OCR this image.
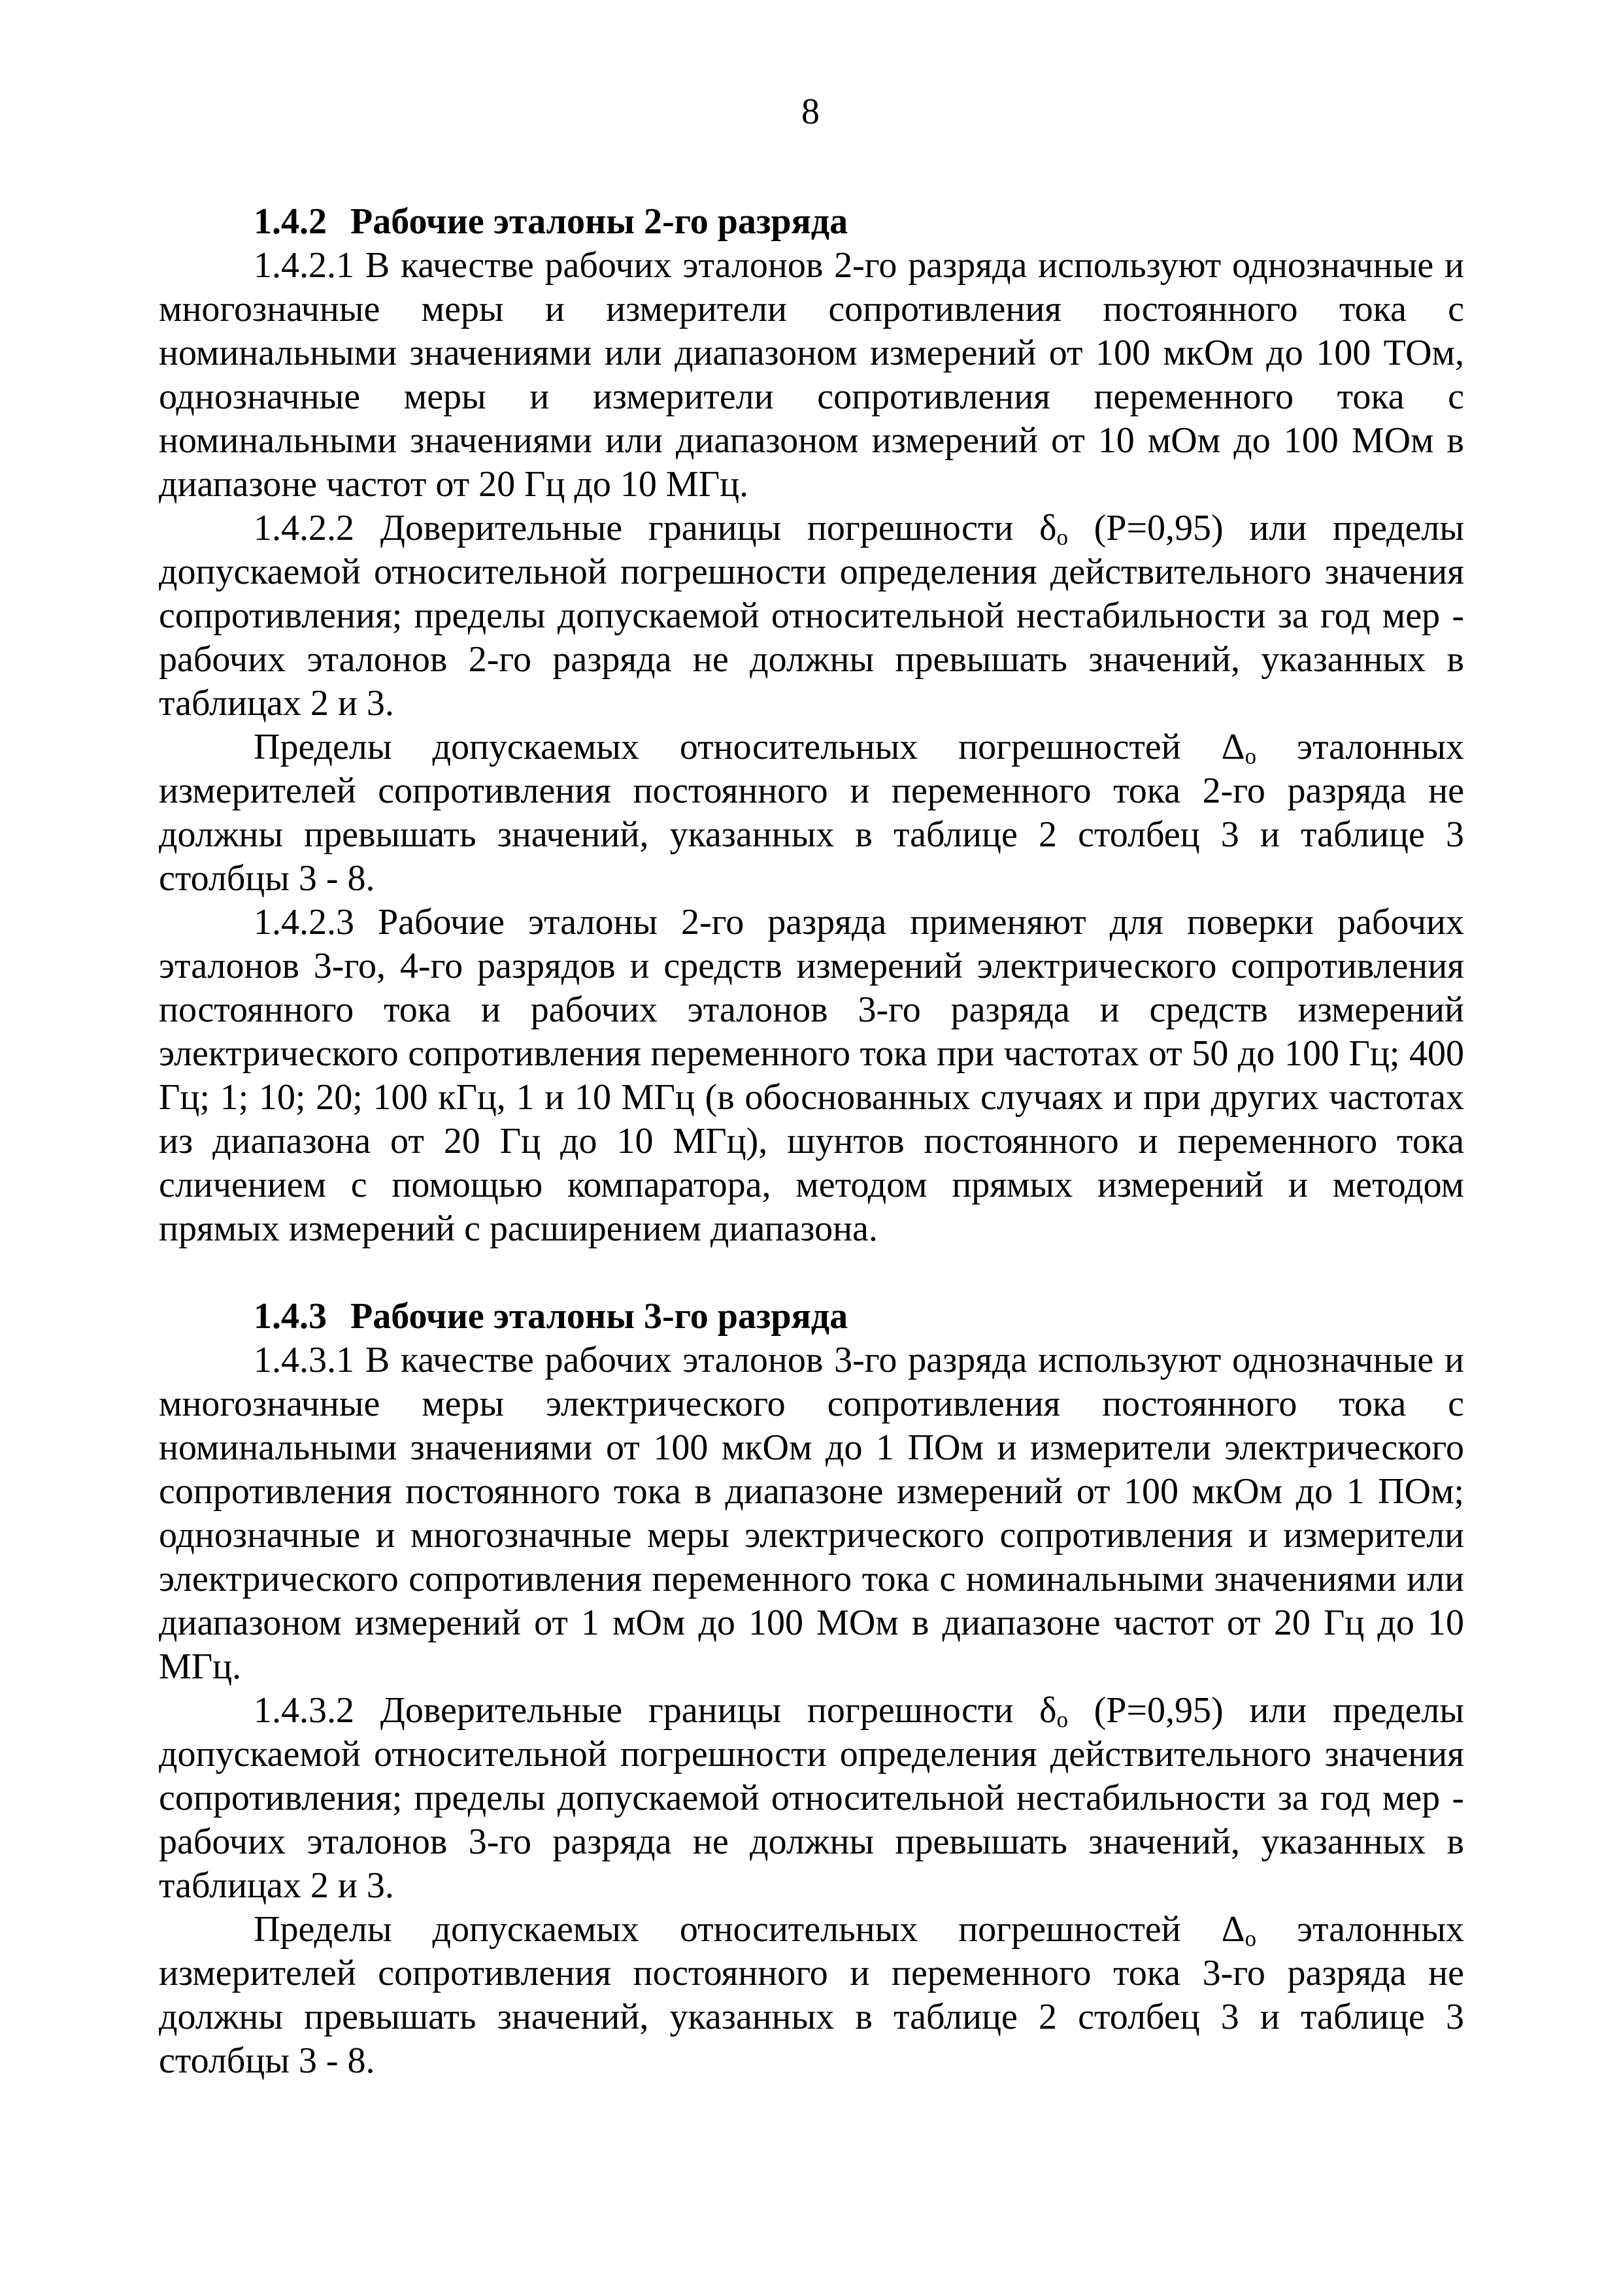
8

1.4.2 Рабочие эталоны 2-го разряда

1.4.2.1 В качестве рабочих эталонов 2-го разряда используют однозначные и многозначные меры и измерители сопротивления постоянного тока с номинальными значениями или диапазоном измерений от 100 мкОм до 100 ТОм, однозначные меры и измерители сопротивления переменного тока с номинальными значениями или диапазоном измерений от 10 мОм до 100 МОм в диапазоне частот от 20 Гц до 10 МГц.

1.4.2.2 Доверительные границы погрешности $\delta_о$ (Р=0,95) или пределы допускаемой относительной погрешности определения действительного значения сопротивления; пределы допускаемой относительной нестабильности за год мер - рабочих эталонов 2-го разряда не должны превышать значений, указанных в таблицах 2 и 3.

Пределы допускаемых относительных погрешностей $\Delta_о$ эталонных измерителей сопротивления постоянного и переменного тока 2-го разряда не должны превышать значений, указанных в таблице 2 столбец 3 и таблице 3 столбцы 3 - 8.

1.4.2.3 Рабочие эталоны 2-го разряда применяют для поверки рабочих эталонов 3-го, 4-го разрядов и средств измерений электрического сопротивления постоянного тока и рабочих эталонов 3-го разряда и средств измерений электрического сопротивления переменного тока при частотах от 50 до 100 Гц; 400 Гц; 1; 10; 20; 100 кГц, 1 и 10 МГц (в обоснованных случаях и при других частотах из диапазона от 20 Гц до 10 МГц), шунтов постоянного и переменного тока сличением с помощью компаратора, методом прямых измерений и методом прямых измерений с расширением диапазона.

1.4.3 Рабочие эталоны 3-го разряда

1.4.3.1 В качестве рабочих эталонов 3-го разряда используют однозначные и многозначные меры электрического сопротивления постоянного тока с номинальными значениями от 100 мкОм до 1 ПОм и измерители электрического сопротивления постоянного тока в диапазоне измерений от 100 мкОм до 1 ПОм; однозначные и многозначные меры электрического сопротивления и измерители электрического сопротивления переменного тока с номинальными значениями или диапазоном измерений от 1 мОм до 100 МОм в диапазоне частот от 20 Гц до 10 МГц.

1.4.3.2 Доверительные границы погрешности $\delta_о$ (Р=0,95) или пределы допускаемой относительной погрешности определения действительного значения сопротивления; пределы допускаемой относительной нестабильности за год мер - рабочих эталонов 3-го разряда не должны превышать значений, указанных в таблицах 2 и 3.

Пределы допускаемых относительных погрешностей $\Delta_о$ эталонных измерителей сопротивления постоянного и переменного тока 3-го разряда не должны превышать значений, указанных в таблице 2 столбец 3 и таблице 3 столбцы 3 - 8.
